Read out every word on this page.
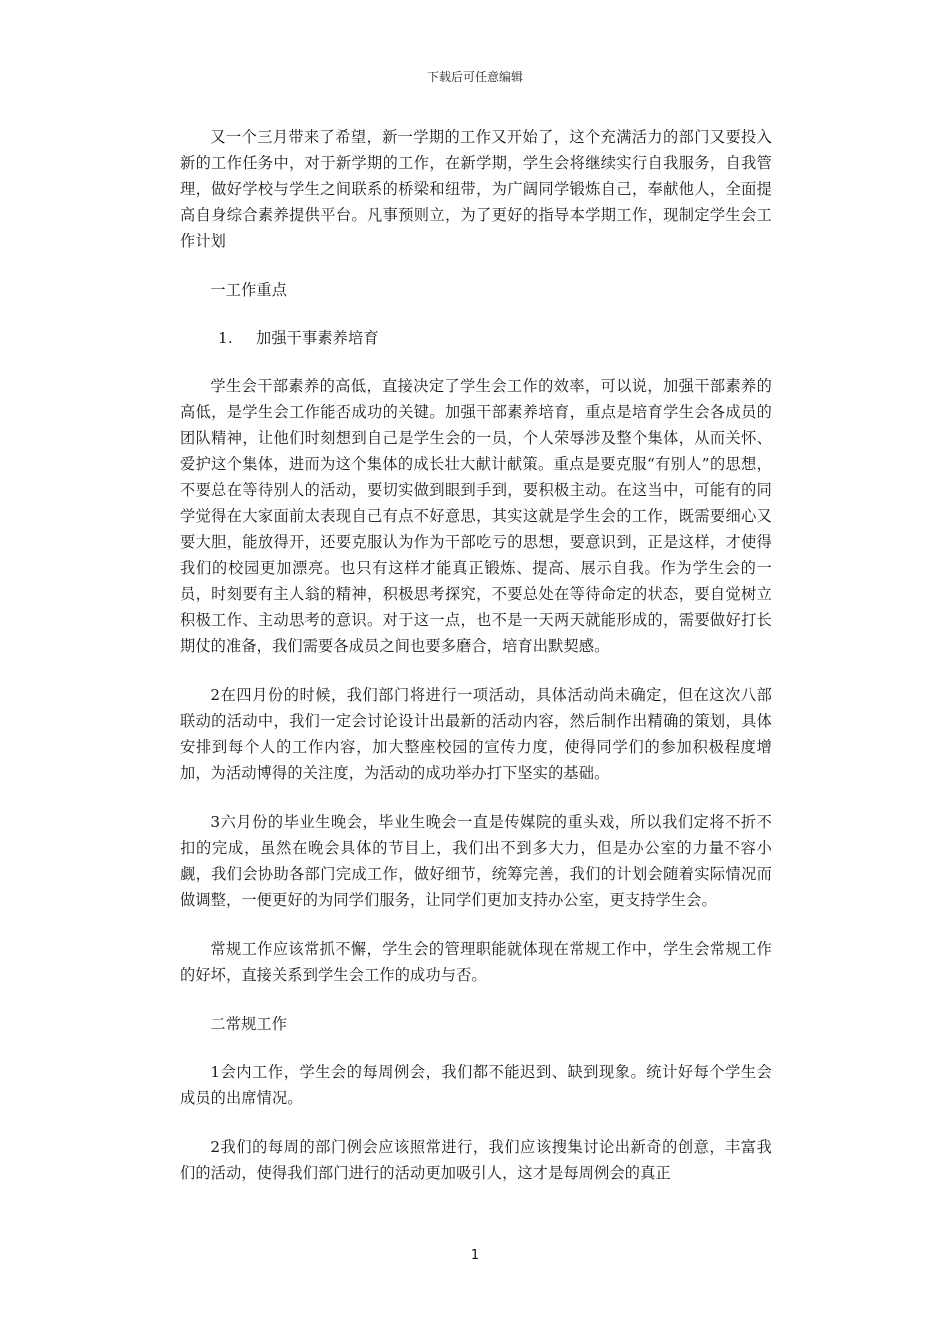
下载后可任意编辑

又一个三月带来了希望，新一学期的工作又开始了，这个充满活力的部门又要投入新的工作任务中，对于新学期的工作，在新学期，学生会将继续实行自我服务，自我管理，做好学校与学生之间联系的桥梁和纽带，为广阔同学锻炼自己，奉献他人，全面提高自身综合素养提供平台。凡事预则立，为了更好的指导本学期工作，现制定学生会工作计划

一工作重点

1. 加强干事素养培育

学生会干部素养的高低，直接决定了学生会工作的效率，可以说，加强干部素养的高低，是学生会工作能否成功的关键。加强干部素养培育，重点是培育学生会各成员的团队精神，让他们时刻想到自己是学生会的一员，个人荣辱涉及整个集体，从而关怀、爱护这个集体，进而为这个集体的成长壮大献计献策。重点是要克服“有别人”的思想，不要总在等待别人的活动，要切实做到眼到手到，要积极主动。在这当中，可能有的同学觉得在大家面前太表现自己有点不好意思，其实这就是学生会的工作，既需要细心又要大胆，能放得开，还要克服认为作为干部吃亏的思想，要意识到，正是这样，才使得我们的校园更加漂亮。也只有这样才能真正锻炼、提高、展示自我。作为学生会的一员，时刻要有主人翁的精神，积极思考探究，不要总处在等待命定的状态，要自觉树立积极工作、主动思考的意识。对于这一点，也不是一天两天就能形成的，需要做好打长期仗的准备，我们需要各成员之间也要多磨合，培育出默契感。

2在四月份的时候，我们部门将进行一项活动，具体活动尚未确定，但在这次八部联动的活动中，我们一定会讨论设计出最新的活动内容，然后制作出精确的策划，具体安排到每个人的工作内容，加大整座校园的宣传力度，使得同学们的参加积极程度增加，为活动博得的关注度，为活动的成功举办打下坚实的基础。

3六月份的毕业生晚会，毕业生晚会一直是传媒院的重头戏，所以我们定将不折不扣的完成，虽然在晚会具体的节目上，我们出不到多大力，但是办公室的力量不容小觑，我们会协助各部门完成工作，做好细节，统筹完善，我们的计划会随着实际情况而做调整，一便更好的为同学们服务，让同学们更加支持办公室，更支持学生会。

常规工作应该常抓不懈，学生会的管理职能就体现在常规工作中，学生会常规工作的好坏，直接关系到学生会工作的成功与否。

二常规工作

1会内工作，学生会的每周例会，我们都不能迟到、缺到现象。统计好每个学生会成员的出席情况。

2我们的每周的部门例会应该照常进行，我们应该搜集讨论出新奇的创意，丰富我们的活动，使得我们部门进行的活动更加吸引人，这才是每周例会的真正

1
